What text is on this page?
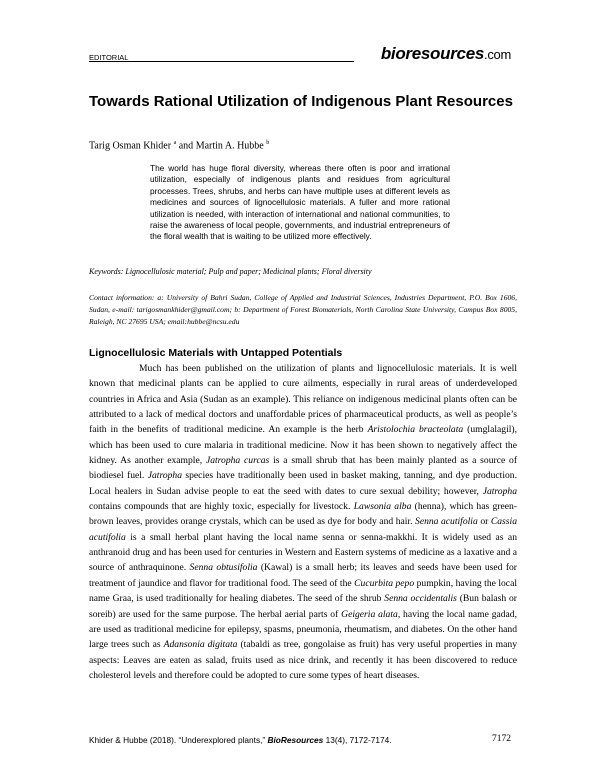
EDITORIAL	bioresources.com
Towards Rational Utilization of Indigenous Plant Resources
Tarig Osman Khider $^a$ and Martin A. Hubbe $^b$
The world has huge floral diversity, whereas there often is poor and irrational utilization, especially of indigenous plants and residues from agricultural processes. Trees, shrubs, and herbs can have multiple uses at different levels as medicines and sources of lignocellulosic materials. A fuller and more rational utilization is needed, with interaction of international and national communities, to raise the awareness of local people, governments, and industrial entrepreneurs of the floral wealth that is waiting to be utilized more effectively.
Keywords: Lignocellulosic material; Pulp and paper; Medicinal plants; Floral diversity
Contact information: a: University of Bahri Sudan, College of Applied and Industrial Sciences, Industries Department, P.O. Box 1606, Sudan, e-mail: tarigosmankhider@gmail.com; b: Department of Forest Biomaterials, North Carolina State University, Campus Box 8005, Raleigh, NC 27695 USA; email:hubbe@ncsu.edu
Lignocellulosic Materials with Untapped Potentials

Much has been published on the utilization of plants and lignocellulosic materials. It is well known that medicinal plants can be applied to cure ailments, especially in rural areas of underdeveloped countries in Africa and Asia (Sudan as an example). This reliance on indigenous medicinal plants often can be attributed to a lack of medical doctors and unaffordable prices of pharmaceutical products, as well as people’s faith in the benefits of traditional medicine. An example is the herb Aristolochia bracteolata (umglalagil), which has been used to cure malaria in traditional medicine. Now it has been shown to negatively affect the kidney. As another example, Jatropha curcas is a small shrub that has been mainly planted as a source of biodiesel fuel. Jatropha species have traditionally been used in basket making, tanning, and dye production. Local healers in Sudan advise people to eat the seed with dates to cure sexual debility; however, Jatropha contains compounds that are highly toxic, especially for livestock. Lawsonia alba (henna), which has green-brown leaves, provides orange crystals, which can be used as dye for body and hair. Senna acutifolia or Cassia acutifolia is a small herbal plant having the local name senna or senna-makkhi. It is widely used as an anthranoid drug and has been used for centuries in Western and Eastern systems of medicine as a laxative and a source of anthraquinone. Senna obtusifolia (Kawal) is a small herb; its leaves and seeds have been used for treatment of jaundice and flavor for traditional food. The seed of the Cucurbita pepo pumpkin, having the local name Graa, is used traditionally for healing diabetes. The seed of the shrub Senna occidentalis (Bun balash or soreib) are used for the same purpose. The herbal aerial parts of Geigeria alata, having the local name gadad, are used as traditional medicine for epilepsy, spasms, pneumonia, rheumatism, and diabetes. On the other hand large trees such as Adansonia digitata (tabaldi as tree, gongolaise as fruit) has very useful properties in many aspects: Leaves are eaten as salad, fruits used as nice drink, and recently it has been discovered to reduce cholesterol levels and therefore could be adopted to cure some types of heart diseases.

Khider & Hubbe (2018). “Underexplored plants,” BioResources 13(4), 7172-7174.	7172
